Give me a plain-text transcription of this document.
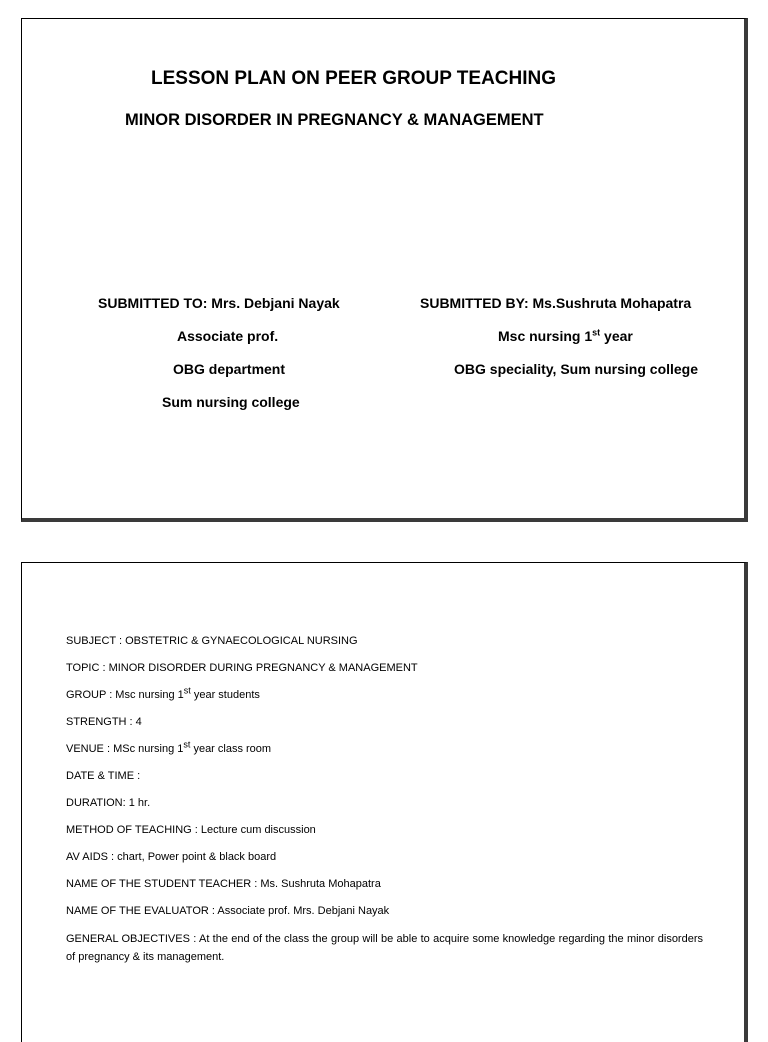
LESSON PLAN ON PEER GROUP TEACHING
MINOR DISORDER IN PREGNANCY & MANAGEMENT
SUBMITTED TO: Mrs. Debjani Nayak
Associate prof.
OBG department
Sum nursing college
SUBMITTED BY: Ms.Sushruta Mohapatra
Msc nursing 1st year
OBG speciality, Sum nursing college
SUBJECT : OBSTETRIC & GYNAECOLOGICAL NURSING
TOPIC : MINOR DISORDER DURING PREGNANCY & MANAGEMENT
GROUP : Msc nursing 1st year students
STRENGTH : 4
VENUE : MSc nursing 1st year class room
DATE & TIME :
DURATION: 1 hr.
METHOD OF TEACHING : Lecture cum discussion
AV AIDS : chart, Power point & black board
NAME OF THE STUDENT TEACHER : Ms. Sushruta Mohapatra
NAME OF THE EVALUATOR : Associate prof. Mrs. Debjani Nayak
GENERAL OBJECTIVES : At the end of the class the group will be able to acquire some knowledge regarding the minor disorders of pregnancy & its management.
